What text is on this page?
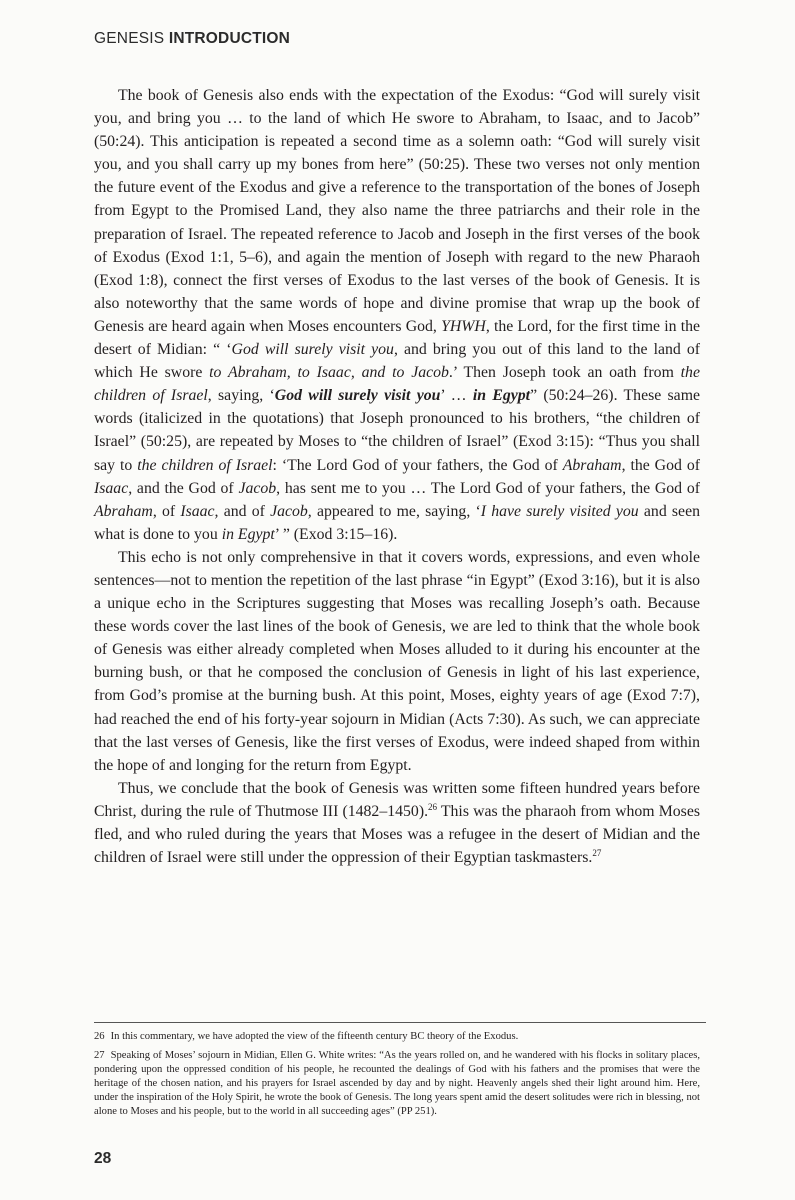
GENESIS INTRODUCTION

The book of Genesis also ends with the expectation of the Exodus: “God will surely visit you, and bring you … to the land of which He swore to Abraham, to Isaac, and to Jacob” (50:24). This anticipation is repeated a second time as a solemn oath: “God will surely visit you, and you shall carry up my bones from here” (50:25). These two verses not only mention the future event of the Exodus and give a reference to the transportation of the bones of Joseph from Egypt to the Promised Land, they also name the three patriarchs and their role in the preparation of Israel. The repeated reference to Jacob and Joseph in the first verses of the book of Exodus (Exod 1:1, 5–6), and again the mention of Joseph with regard to the new Pharaoh (Exod 1:8), connect the first verses of Exodus to the last verses of the book of Genesis. It is also noteworthy that the same words of hope and divine promise that wrap up the book of Genesis are heard again when Moses encounters God, YHWH, the Lord, for the first time in the desert of Midian: “ ‘God will surely visit you, and bring you out of this land to the land of which He swore to Abraham, to Isaac, and to Jacob.’ Then Joseph took an oath from the children of Israel, saying, ‘God will surely visit you’ … in Egypt” (50:24–26). These same words (italicized in the quotations) that Joseph pronounced to his brothers, “the children of Israel” (50:25), are repeated by Moses to “the children of Israel” (Exod 3:15): “Thus you shall say to the children of Israel: ‘The Lord God of your fathers, the God of Abraham, the God of Isaac, and the God of Jacob, has sent me to you … The Lord God of your fathers, the God of Abraham, of Isaac, and of Jacob, appeared to me, saying, ‘I have surely visited you and seen what is done to you in Egypt’ ” (Exod 3:15–16).

This echo is not only comprehensive in that it covers words, expressions, and even whole sentences—not to mention the repetition of the last phrase “in Egypt” (Exod 3:16), but it is also a unique echo in the Scriptures suggesting that Moses was recalling Joseph’s oath. Because these words cover the last lines of the book of Genesis, we are led to think that the whole book of Genesis was either already completed when Moses alluded to it during his encounter at the burning bush, or that he composed the conclusion of Genesis in light of his last experience, from God’s promise at the burning bush. At this point, Moses, eighty years of age (Exod 7:7), had reached the end of his forty-year sojourn in Midian (Acts 7:30). As such, we can appreciate that the last verses of Genesis, like the first verses of Exodus, were indeed shaped from within the hope of and longing for the return from Egypt.

Thus, we conclude that the book of Genesis was written some fifteen hundred years before Christ, during the rule of Thutmose III (1482–1450).$^{26}$ This was the pharaoh from whom Moses fled, and who ruled during the years that Moses was a refugee in the desert of Midian and the children of Israel were still under the oppression of their Egyptian taskmasters.$^{27}$

26 In this commentary, we have adopted the view of the fifteenth century BC theory of the Exodus.

27 Speaking of Moses’ sojourn in Midian, Ellen G. White writes: “As the years rolled on, and he wandered with his flocks in solitary places, pondering upon the oppressed condition of his people, he recounted the dealings of God with his fathers and the promises that were the heritage of the chosen nation, and his prayers for Israel ascended by day and by night. Heavenly angels shed their light around him. Here, under the inspiration of the Holy Spirit, he wrote the book of Genesis. The long years spent amid the desert solitudes were rich in blessing, not alone to Moses and his people, but to the world in all succeeding ages” (PP 251).

28
